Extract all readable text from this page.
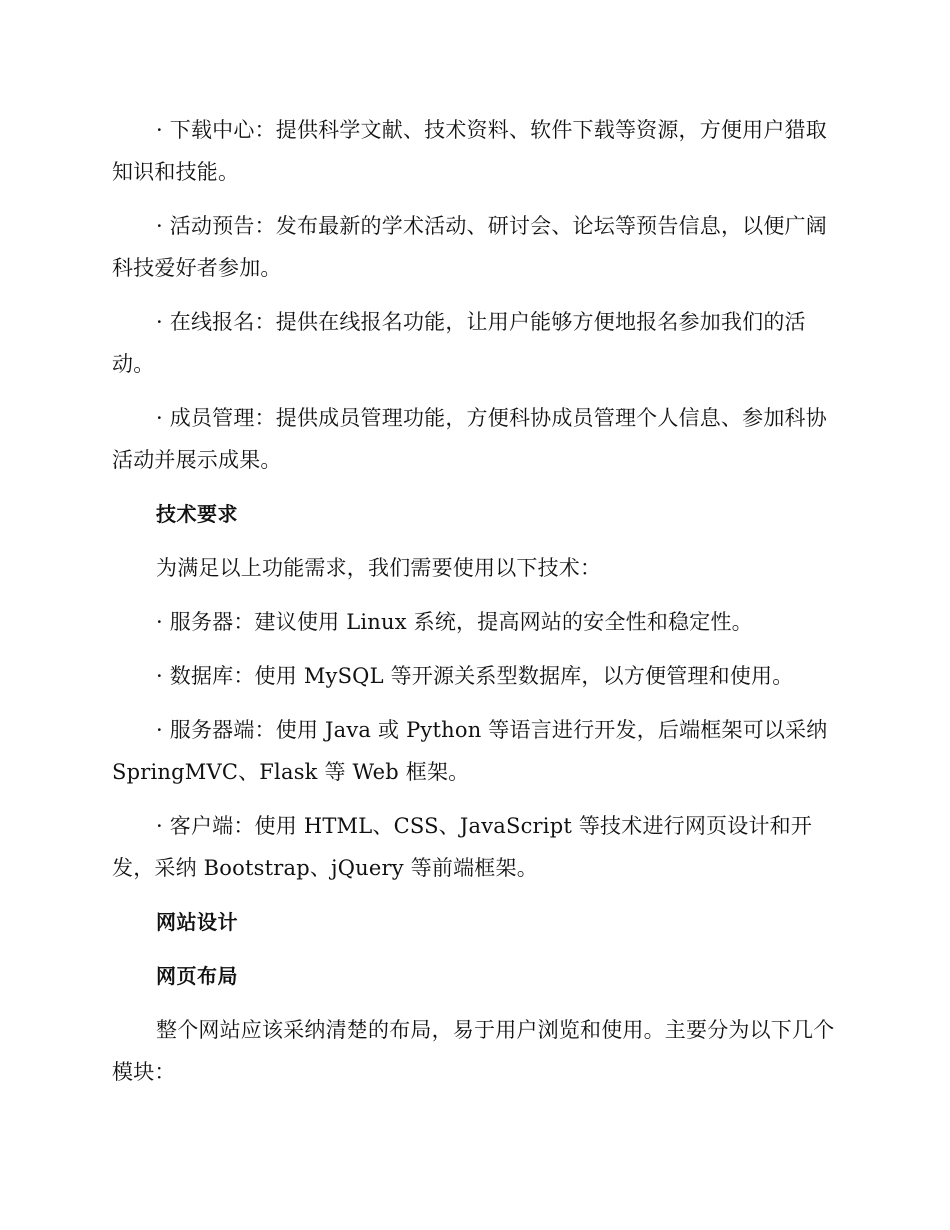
· 下载中心：提供科学文献、技术资料、软件下载等资源，方便用户猎取知识和技能。

· 活动预告：发布最新的学术活动、研讨会、论坛等预告信息，以便广阔科技爱好者参加。

· 在线报名：提供在线报名功能，让用户能够方便地报名参加我们的活动。

· 成员管理：提供成员管理功能，方便科协成员管理个人信息、参加科协活动并展示成果。

技术要求

为满足以上功能需求，我们需要使用以下技术：

· 服务器：建议使用 Linux 系统，提高网站的安全性和稳定性。

· 数据库：使用 MySQL 等开源关系型数据库，以方便管理和使用。

· 服务器端：使用 Java 或 Python 等语言进行开发，后端框架可以采纳 SpringMVC、Flask 等 Web 框架。

· 客户端：使用 HTML、CSS、JavaScript 等技术进行网页设计和开发，采纳 Bootstrap、jQuery 等前端框架。

网站设计

网页布局

整个网站应该采纳清楚的布局，易于用户浏览和使用。主要分为以下几个模块：
